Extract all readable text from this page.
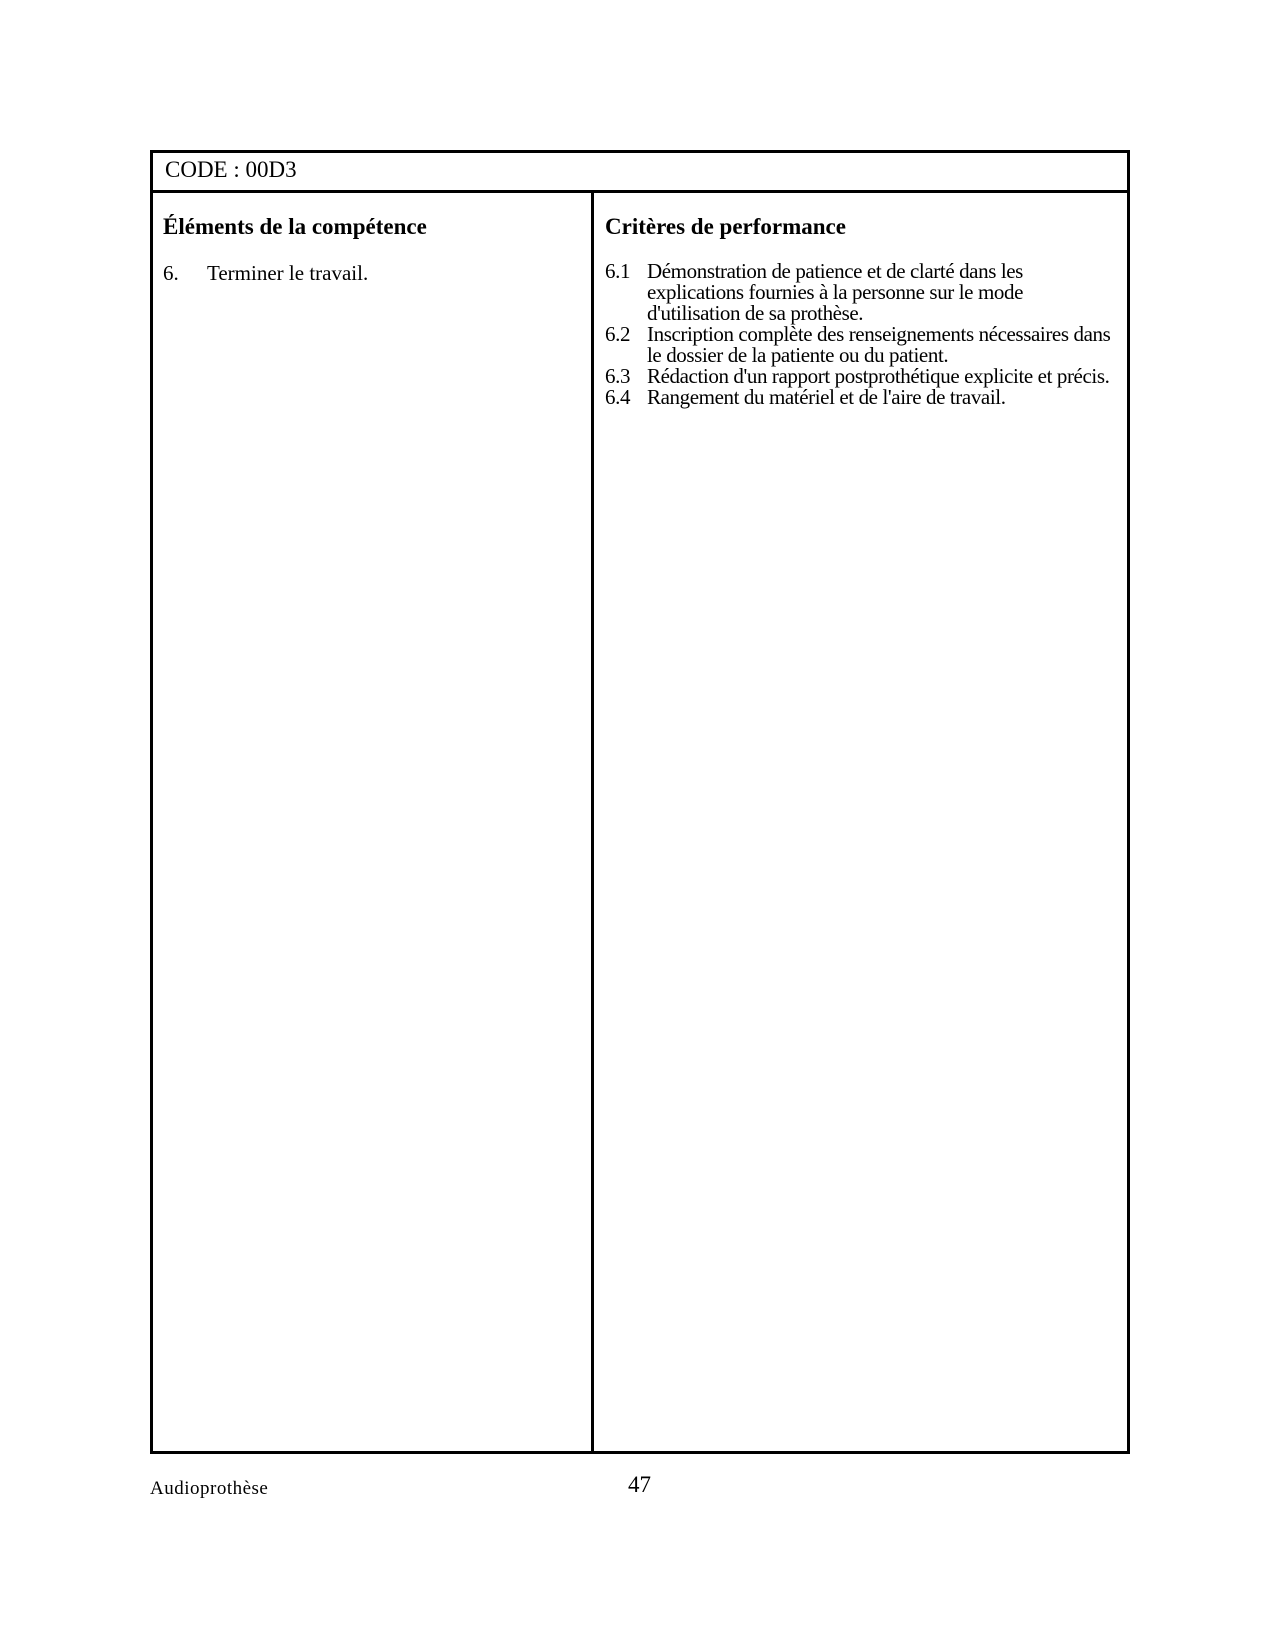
CODE : 00D3
Éléments de la compétence
6.	Terminer le travail.
Critères de performance
6.1 Démonstration de patience et de clarté dans les explications fournies à la personne sur le mode d'utilisation de sa prothèse.
6.2 Inscription complète des renseignements nécessaires dans le dossier de la patiente ou du patient.
6.3 Rédaction d'un rapport postprothétique explicite et précis.
6.4 Rangement du matériel et de l'aire de travail.
Audioprothèse	47
